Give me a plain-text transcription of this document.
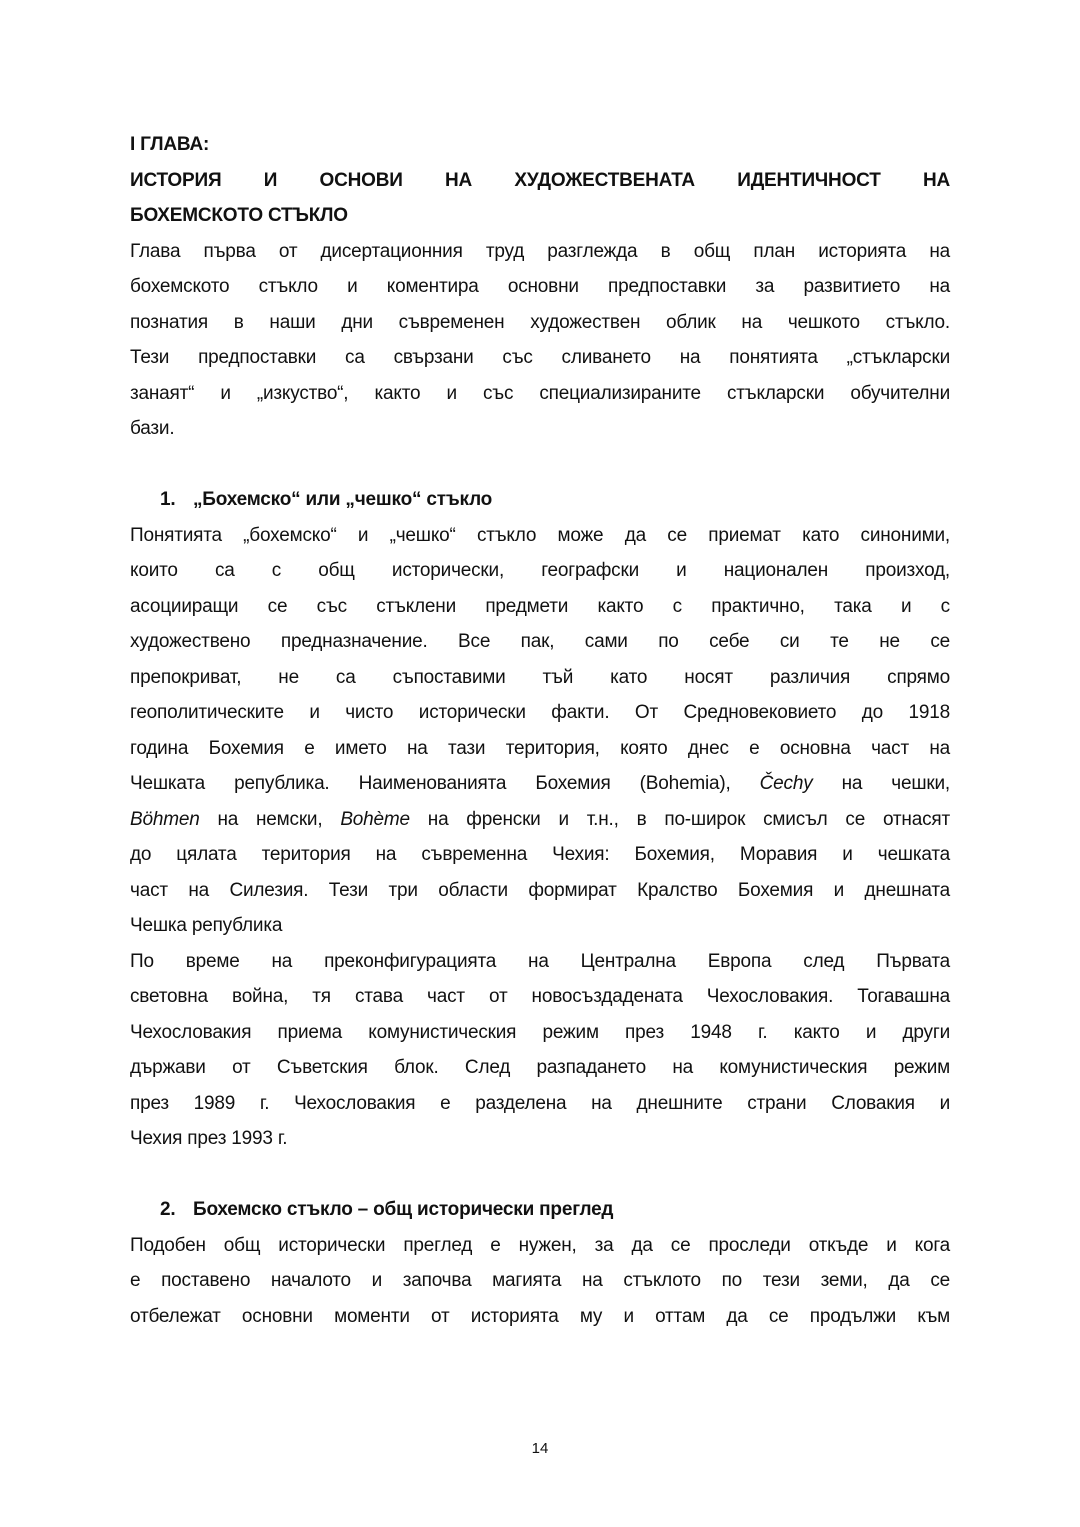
I ГЛАВА:
ИСТОРИЯ И ОСНОВИ НА ХУДОЖЕСТВЕНАТА ИДЕНТИЧНОСТ НА
БОХЕМСКОТО СТЪКЛО
Глава първа от дисертационния труд разглежда в общ план историята на
бохемското стъкло и коментира основни предпоставки за развитието на
познатия в наши дни съвременен художествен облик на чешкото стъкло.
Тези предпоставки са свързани със сливането на понятията „стъкларски
занаят“ и „изкуство“, както и със специализираните стъкларски обучителни
бази.
1. „Бохемско“ или „чешко“ стъкло
Понятията „бохемско“ и „чешко“ стъкло може да се приемат като синоними,
които са с общ исторически, географски и национален произход,
асоцииращи се със стъклени предмети както с практично, така и с
художествено предназначение. Все пак, сами по себе си те не се
препокриват, не са съпоставими тъй като носят различия спрямо
геополитическите и чисто исторически факти. От Средновековието до 1918
година Бохемия е името на тази територия, която днес е основна част на
Чешката република. Наименованията Бохемия (Bohemia), Čechy на чешки,
Böhmen на немски, Bohème на френски и т.н., в по-широк смисъл се отнасят
до цялата територия на съвременна Чехия: Бохемия, Моравия и чешката
част на Силезия. Тези три области формират Кралство Бохемия и днешната
Чешка република
По време на преконфигурацията на Централна Европа след Първата
световна война, тя става част от новосъздадената Чехословакия. Тогавашна
Чехословакия приема комунистическия режим през 1948 г. както и други
държави от Съветския блок. След разпадането на комунистическия режим
през 1989 г. Чехословакия е разделена на днешните страни Словакия и
Чехия през 1993 г.
2. Бохемско стъкло – общ исторически преглед
Подобен общ исторически преглед е нужен, за да се проследи откъде и кога
е поставено началото и започва магията на стъклото по тези земи, да се
отбележат основни моменти от историята му и оттам да се продължи към
14
